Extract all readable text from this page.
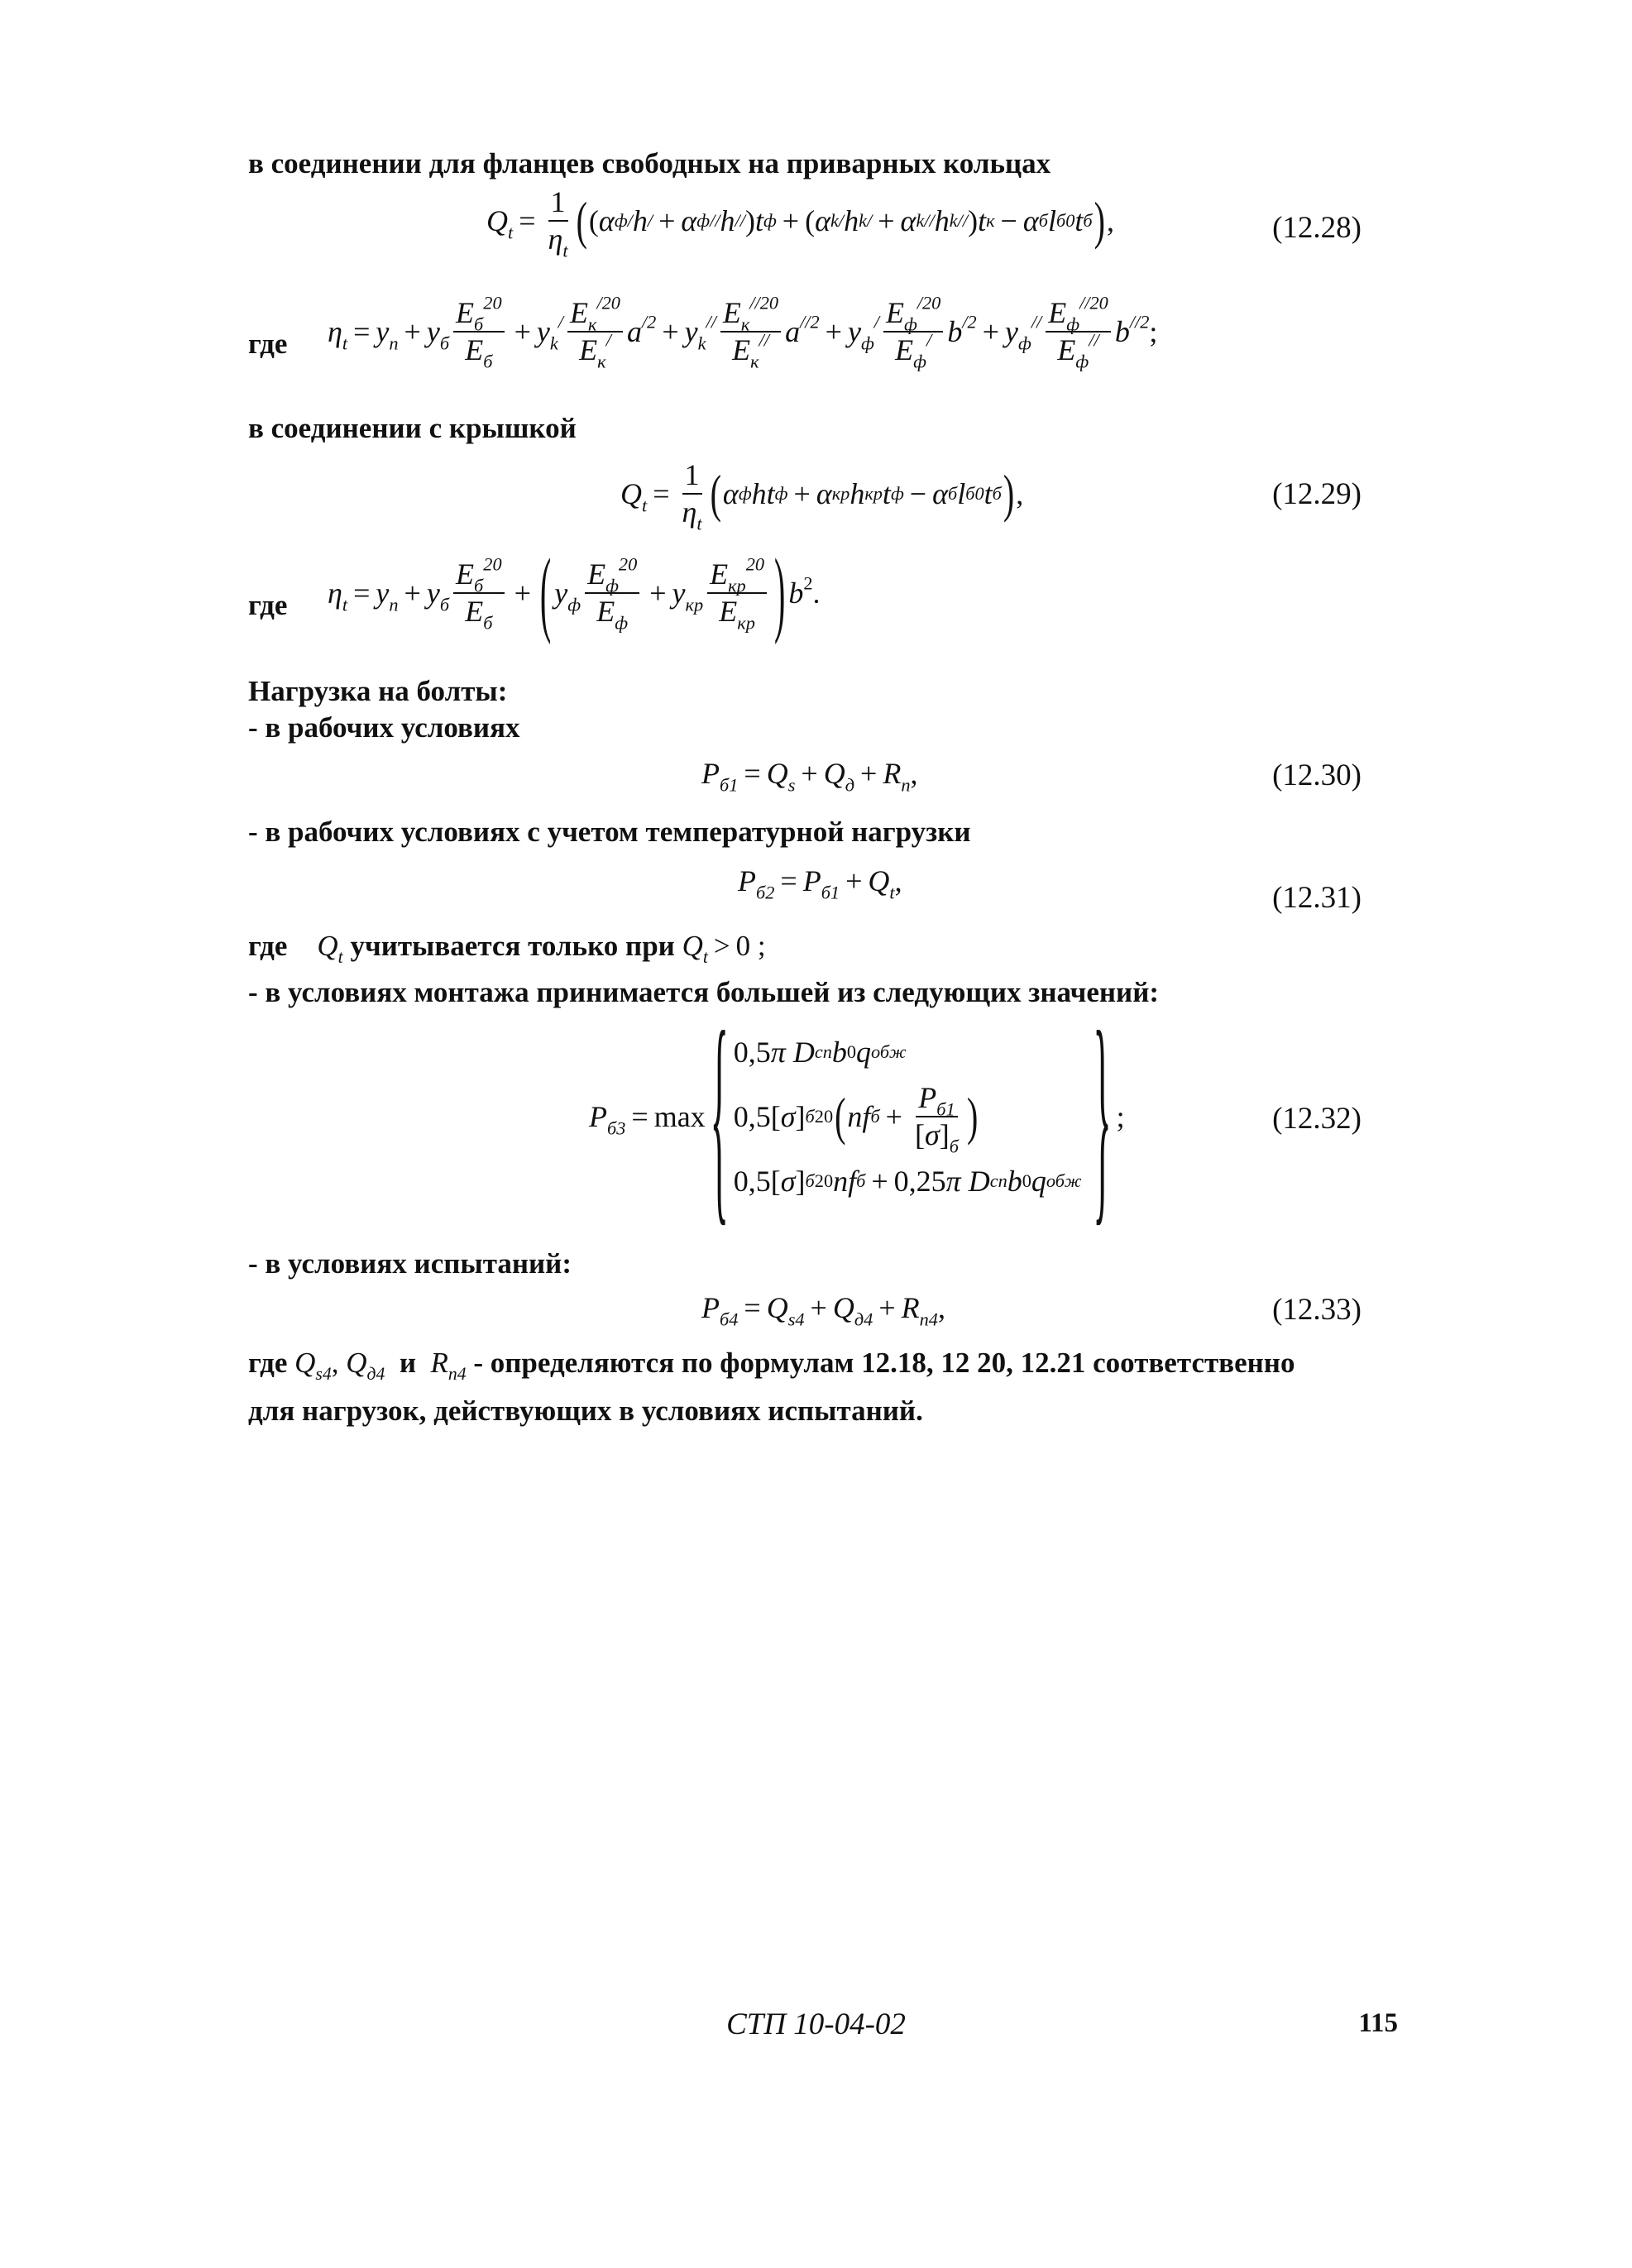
в соединении для фланцев свободных на приварных кольцах
$Q_t = \frac{1}{\eta_t}$ ( ( α ф / h / + α ф // h // ) t ф + ( α k / h k / + α k // h k // ) t к − α б l б0 t б ) ,	(12.28)
где $\eta_t = y_n + y_б \frac{E_б^{20}}{E_б} + y_k^/ \frac{E_к^{/20}}{E_к^/} a^{/2} + y_k^{//} \frac{E_к^{//20}}{E_к^{//}} a^{//2} + y_ф^/ \frac{E_ф^{/20}}{E_ф^/} b^{/2} + y_ф^{//} \frac{E_ф^{//20}}{E_ф^{//}} b^{//2}$ ;
в соединении с крышкой
$Q_t = \frac{1}{\eta_t}$ ( α ф ht ф + α кр h кр t ф − α б l б0 t б ) ,	(12.29)
где $\eta_t = y_n + y_б \frac{E_б^{20}}{E_б}$ + ( $y_ф \frac{E_ф^{20}}{E_ф} + y_{кр} \frac{E_{кр}^{20}}{E_{кр}}$ ) $b^2$ .
Нагрузка на болты:
- в рабочих условиях
$P_{б1} = Q_s + Q_д + R_n$ ,	(12.30)
- в рабочих условиях с учетом температурной нагрузки
$P_{б2} = P_{б1} + Q_t$ ,	(12.31)
где $Q_t$
учитывается только при
$Q_t > 0$ ;
- в условиях монтажа принимается большей из следующих значений:
$P_{б3} = \max$ { 0,5 π
D сп b 0 q обж
0,5 [ σ ] б 20 ( nf $б + \frac{P_{б1}}{[\sigma]_б}$ )
0,5 [ σ ] б 20 nf б + 0,25 π
D сп b 0 q обж } ;	(12.32)
- в условиях испытаний:
$P_{б4} = Q_{s4} + Q_{д4} + R_{n4}$ ,	(12.33)
где
$Q_{s4}$ , $Q_{д4}$
и
$R_{n4}$
- определяются по формулам 12.18, 12 20, 12.21 соответственно
для нагрузок, действующих в условиях испытаний.
СТП 10-04-02	115
